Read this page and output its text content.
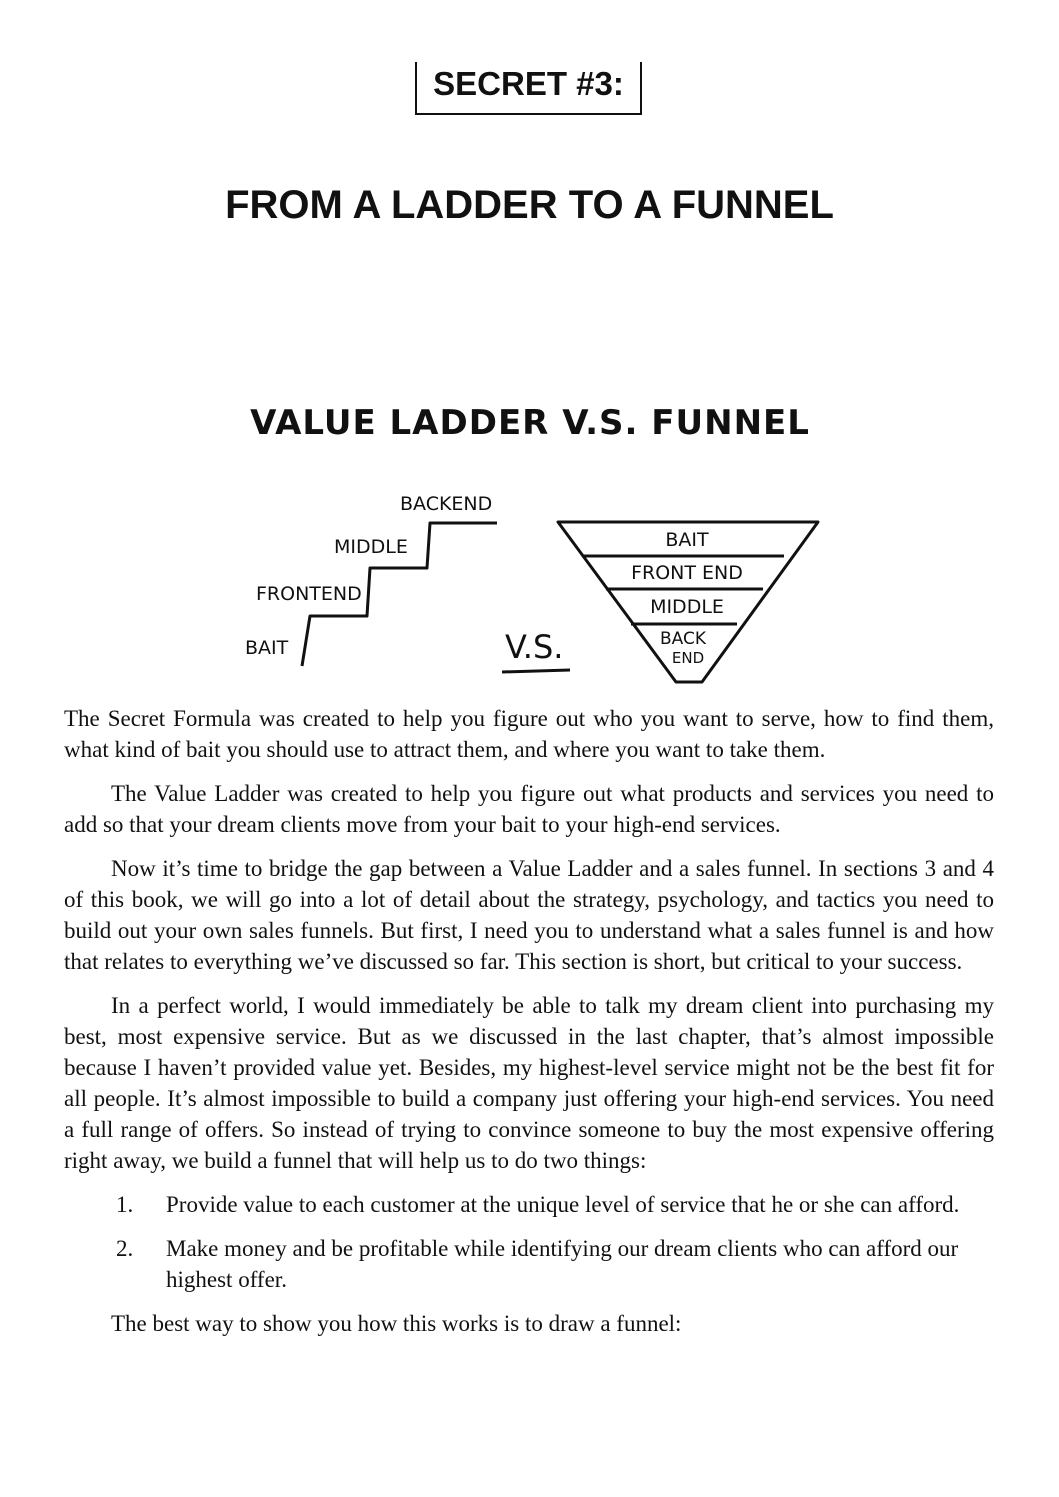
SECRET #3:
FROM A LADDER TO A FUNNEL
VALUE LADDER V.S. FUNNEL
BAIT
FRONTEND
MIDDLE
BACKEND
V.S.
BAIT
FRONT END
MIDDLE
BACK
END

The Secret Formula was created to help you figure out who you want to serve, how to find them, what kind of bait you should use to attract them, and where you want to take them.

The Value Ladder was created to help you figure out what products and services you need to add so that your dream clients move from your bait to your high-end services.

Now it’s time to bridge the gap between a Value Ladder and a sales funnel. In sections 3 and 4 of this book, we will go into a lot of detail about the strategy, psychology, and tactics you need to build out your own sales funnels. But first, I need you to understand what a sales funnel is and how that relates to everything we’ve discussed so far. This section is short, but critical to your success.

In a perfect world, I would immediately be able to talk my dream client into purchasing my best, most expensive service. But as we discussed in the last chapter, that’s almost impossible because I haven’t provided value yet. Besides, my highest-level service might not be the best fit for all people. It’s almost impossible to build a company just offering your high-end services. You need a full range of offers. So instead of trying to convince someone to buy the most expensive offering right away, we build a funnel that will help us to do two things:

1. Provide value to each customer at the unique level of service that he or she can afford.
2. Make money and be profitable while identifying our dream clients who can afford our highest offer.

The best way to show you how this works is to draw a funnel:
